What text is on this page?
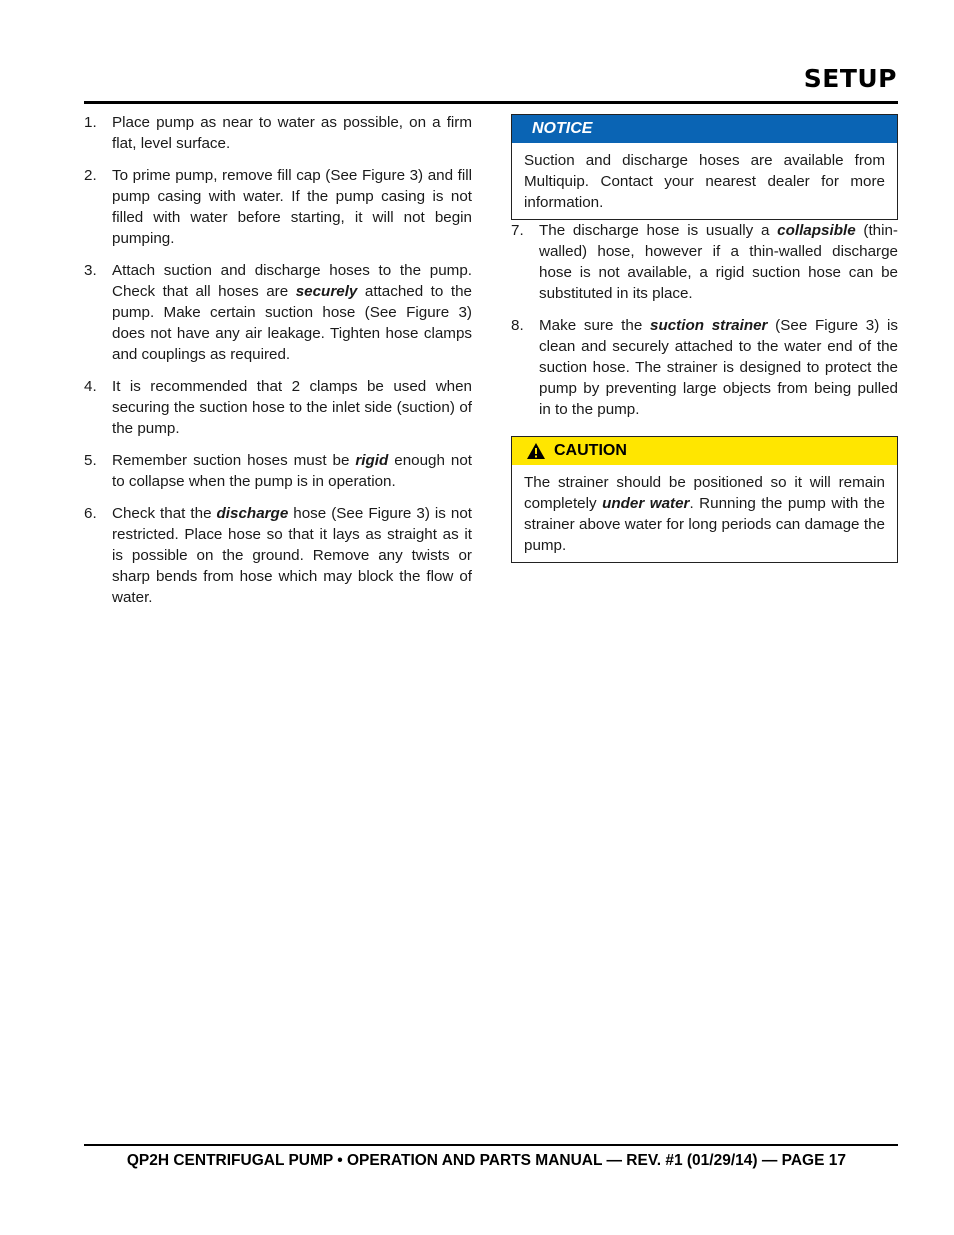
SETUP
1. Place pump as near to water as possible, on a firm flat, level surface.
2. To prime pump, remove fill cap (See Figure 3) and fill pump casing with water. If the pump casing is not filled with water before starting, it will not begin pumping.
3. Attach suction and discharge hoses to the pump. Check that all hoses are securely attached to the pump. Make certain suction hose (See Figure 3) does not have any air leakage. Tighten hose clamps and couplings as required.
4. It is recommended that 2 clamps be used when securing the suction hose to the inlet side (suction) of the pump.
5. Remember suction hoses must be rigid enough not to collapse when the pump is in operation.
6. Check that the discharge hose (See Figure 3) is not restricted. Place hose so that it lays as straight as it is possible on the ground. Remove any twists or sharp bends from hose which may block the flow of water.
NOTICE
Suction and discharge hoses are available from Multiquip. Contact your nearest dealer for more information.
7. The discharge hose is usually a collapsible (thin-walled) hose, however if a thin-walled discharge hose is not available, a rigid suction hose can be substituted in its place.
8. Make sure the suction strainer (See Figure 3) is clean and securely attached to the water end of the suction hose. The strainer is designed to protect the pump by preventing large objects from being pulled in to the pump.
CAUTION
The strainer should be positioned so it will remain completely under water. Running the pump with the strainer above water for long periods can damage the pump.
QP2H CENTRIFUGAL PUMP • OPERATION AND PARTS MANUAL — REV. #1 (01/29/14) — PAGE 17
